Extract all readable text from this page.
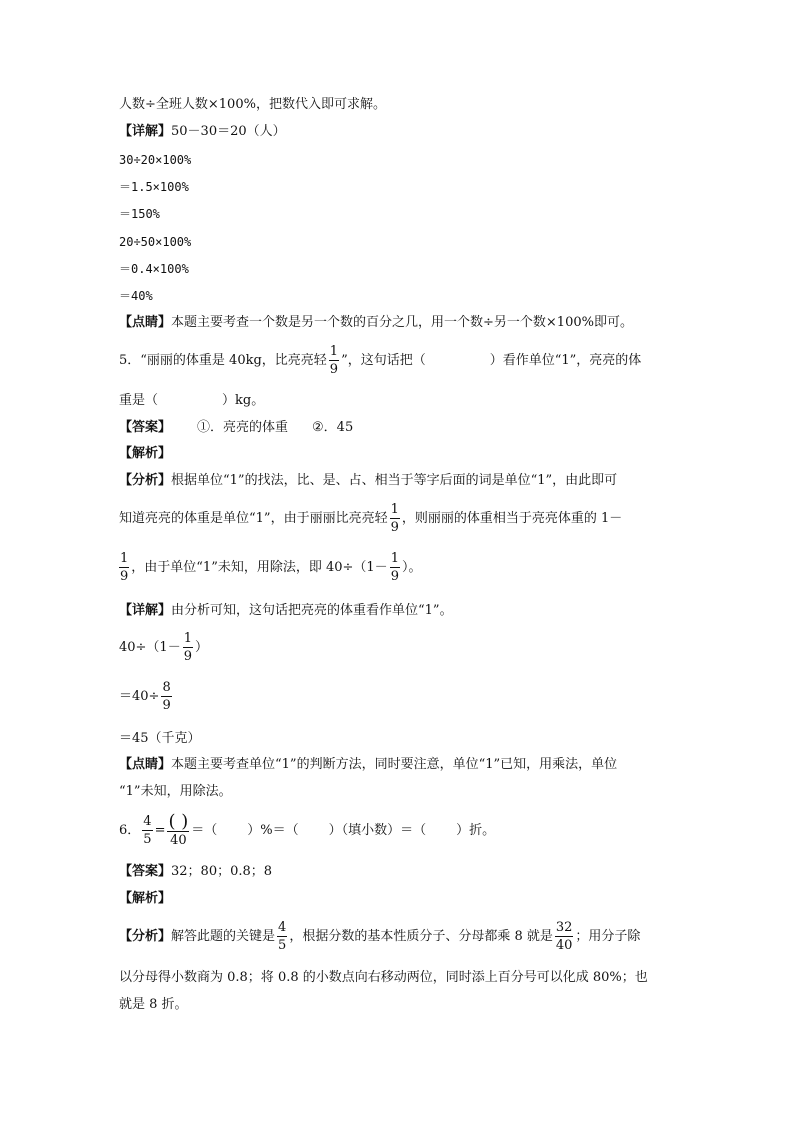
人数÷全班人数×100%，把数代入即可求解。
【详解】50－30＝20（人）
30÷20×100%
＝1.5×100%
＝150%
20÷50×100%
＝0.4×100%
＝40%
【点睛】本题主要考查一个数是另一个数的百分之几，用一个数÷另一个数×100%即可。
5．“丽丽的体重是 40kg，比亮亮轻 $\frac{1}{9}$ ”，这句话把（	）看作单位“1”，亮亮的体
重是（	）kg。
【答案】 ①．亮亮的体重 ②．45
【解析】
【分析】根据单位“1”的找法，比、是、占、相当于等字后面的词是单位“1”，由此即可
知道亮亮的体重是单位“1”，由于丽丽比亮亮轻 $\frac{1}{9}$ ，则丽丽的体重相当于亮亮体重的 1－
$\frac{1}{9}$ ，由于单位“1”未知，用除法，即 $40\div(1- \frac{1}{9}$ ）。
【详解】由分析可知，这句话把亮亮的体重看作单位“1”。
$40\div(1- \frac{1}{9}$ ）
$=40\div \frac{8}{9}$
＝45（千克）
【点睛】本题主要考查单位“1”的判断方法，同时要注意，单位“1”已知，用乘法，单位
“1”未知，用除法。
6． $\frac{4}{5} = \frac{( )}{40}$ ＝（ ）%＝（ ）（填小数）＝（ ）折。
【答案】32；80；0.8；8
【解析】
【分析】解答此题的关键是 $\frac{4}{5}$ ，根据分数的基本性质分子、分母都乘 8 就是 $\frac{32}{40}$ ；用分子除
以分母得小数商为 0.8；将 0.8 的小数点向右移动两位，同时添上百分号可以化成 80%；也
就是 8 折。
